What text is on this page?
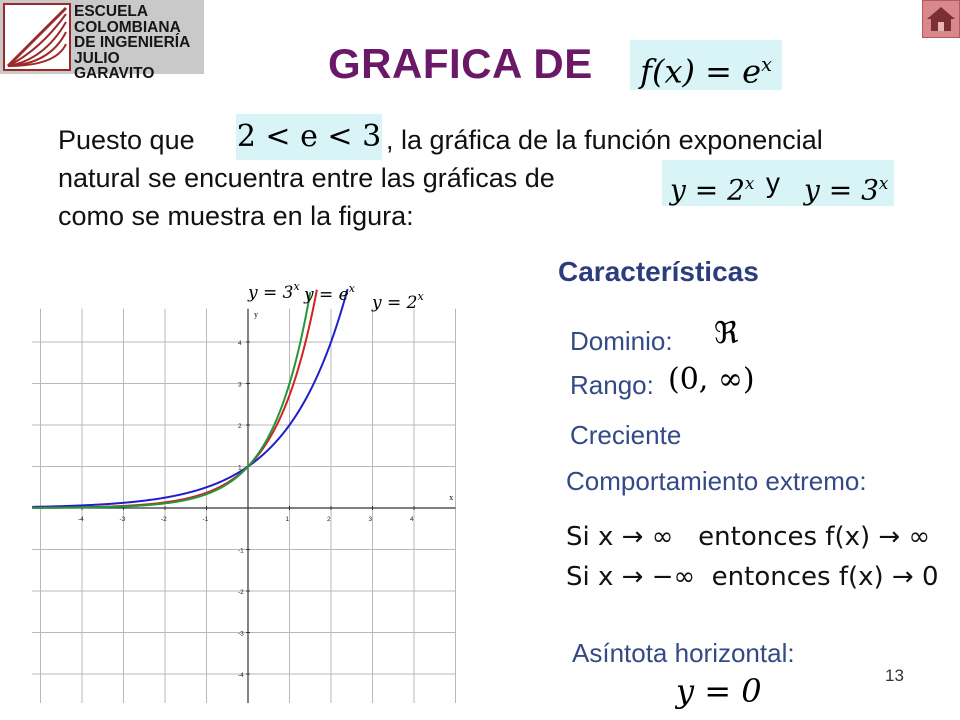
ESCUELA
COLOMBIANA
DE INGENIERÍA
JULIO GARAVITO	GRAFICA DE	$f(x) = e^x$
Puesto que 2 < e < 3 , la gráfica de la función exponencial
natural se encuentra entre las gráficas de
como se muestra en la figura:
$y = 2^x$ y $y = 3^x$
x
y
-4	-3	-2	-1	1	2	3	4
4
3
2
1
-1
-2
-3
-4
$y = 3^x$ $y = e^x$
$y = 2^x$
Características
Dominio: ℜ
Rango: (0, ∞)
Creciente
Comportamiento extremo:
Si x → ∞   entonces f(x) → ∞
Si x → −∞  entonces f(x) → 0
Asíntota horizontal:
y = 0	13
